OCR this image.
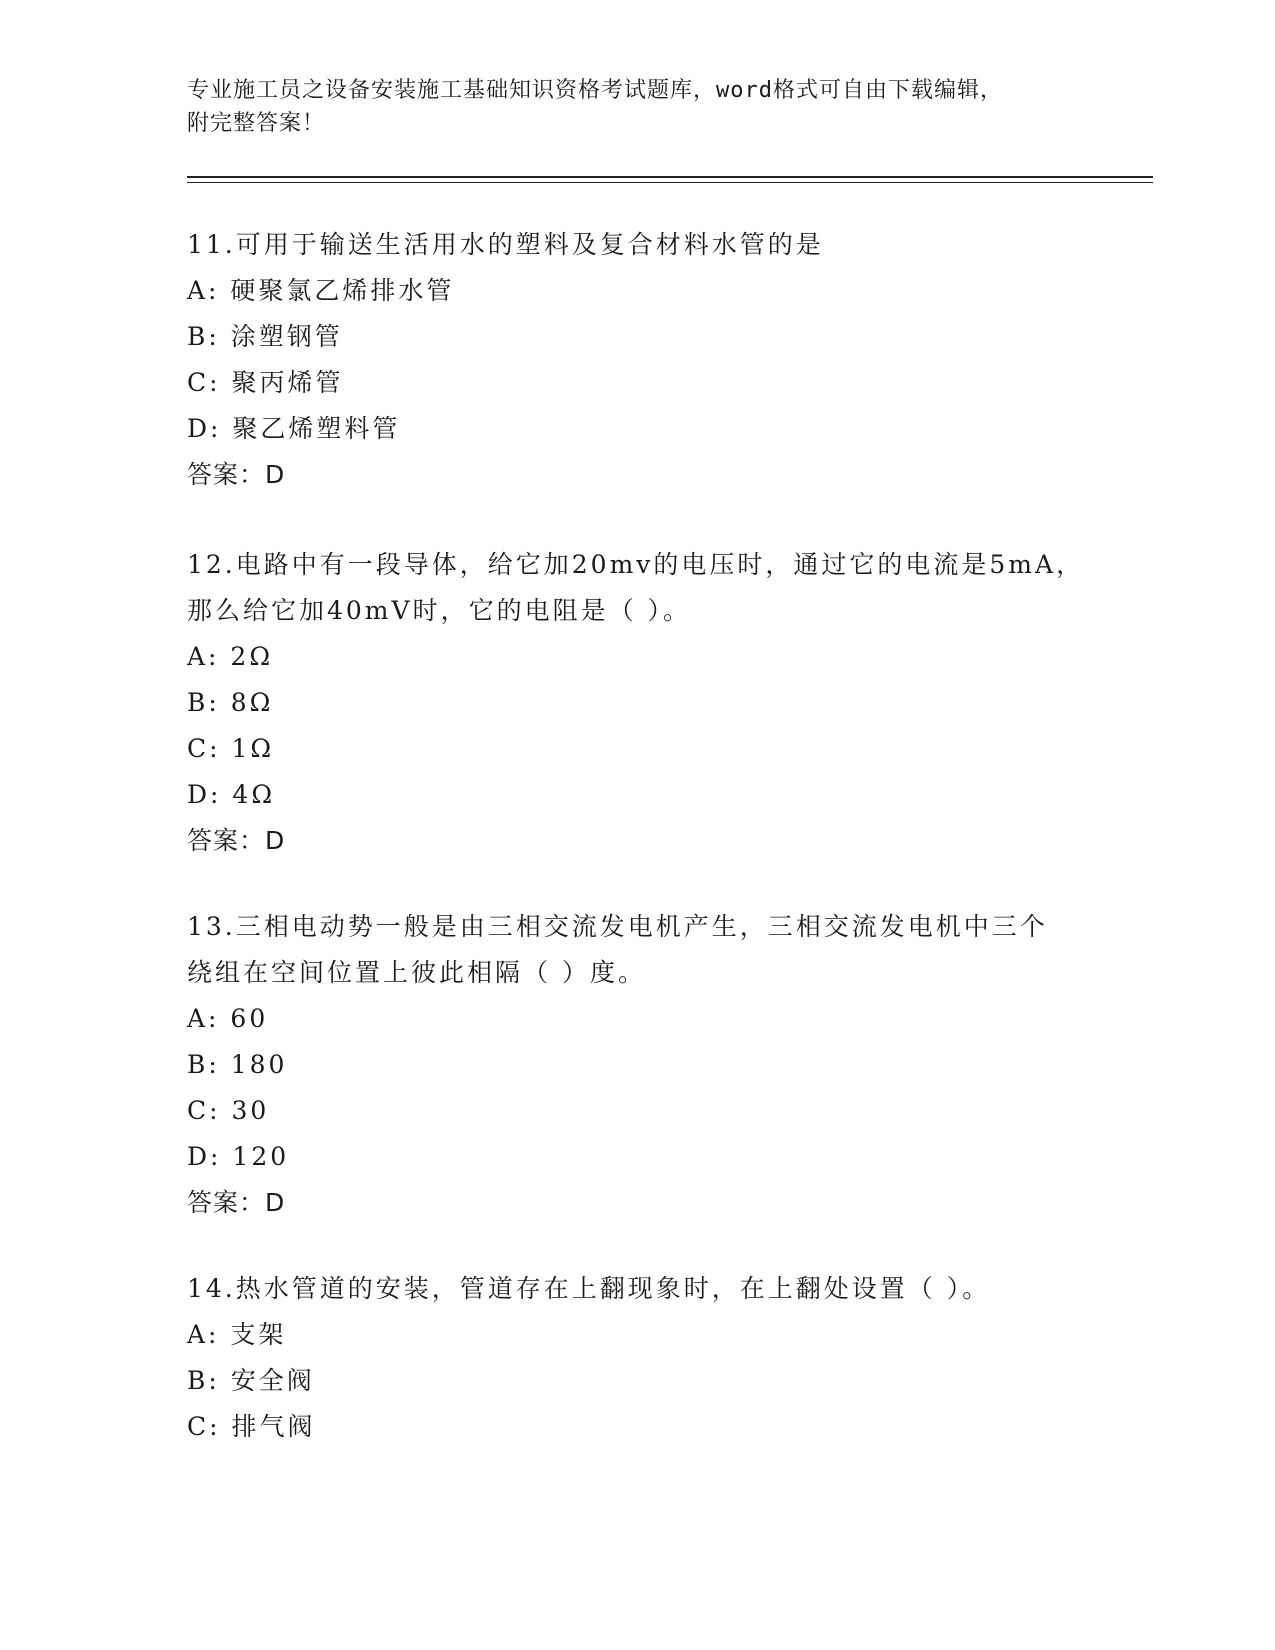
专业施工员之设备安装施工基础知识资格考试题库，word格式可自由下载编辑，
附完整答案！
11.可用于输送生活用水的塑料及复合材料水管的是
A: 硬聚氯乙烯排水管
B: 涂塑钢管
C: 聚丙烯管
D: 聚乙烯塑料管
答案：D
12.电路中有一段导体，给它加20mv的电压时，通过它的电流是5mA，
那么给它加40mV时，它的电阻是（ ）。
A: 2Ω
B: 8Ω
C: 1Ω
D: 4Ω
答案：D
13.三相电动势一般是由三相交流发电机产生，三相交流发电机中三个
绕组在空间位置上彼此相隔（ ）度。
A: 60
B: 180
C: 30
D: 120
答案：D
14.热水管道的安装，管道存在上翻现象时，在上翻处设置（ ）。
A: 支架
B: 安全阀
C: 排气阀
